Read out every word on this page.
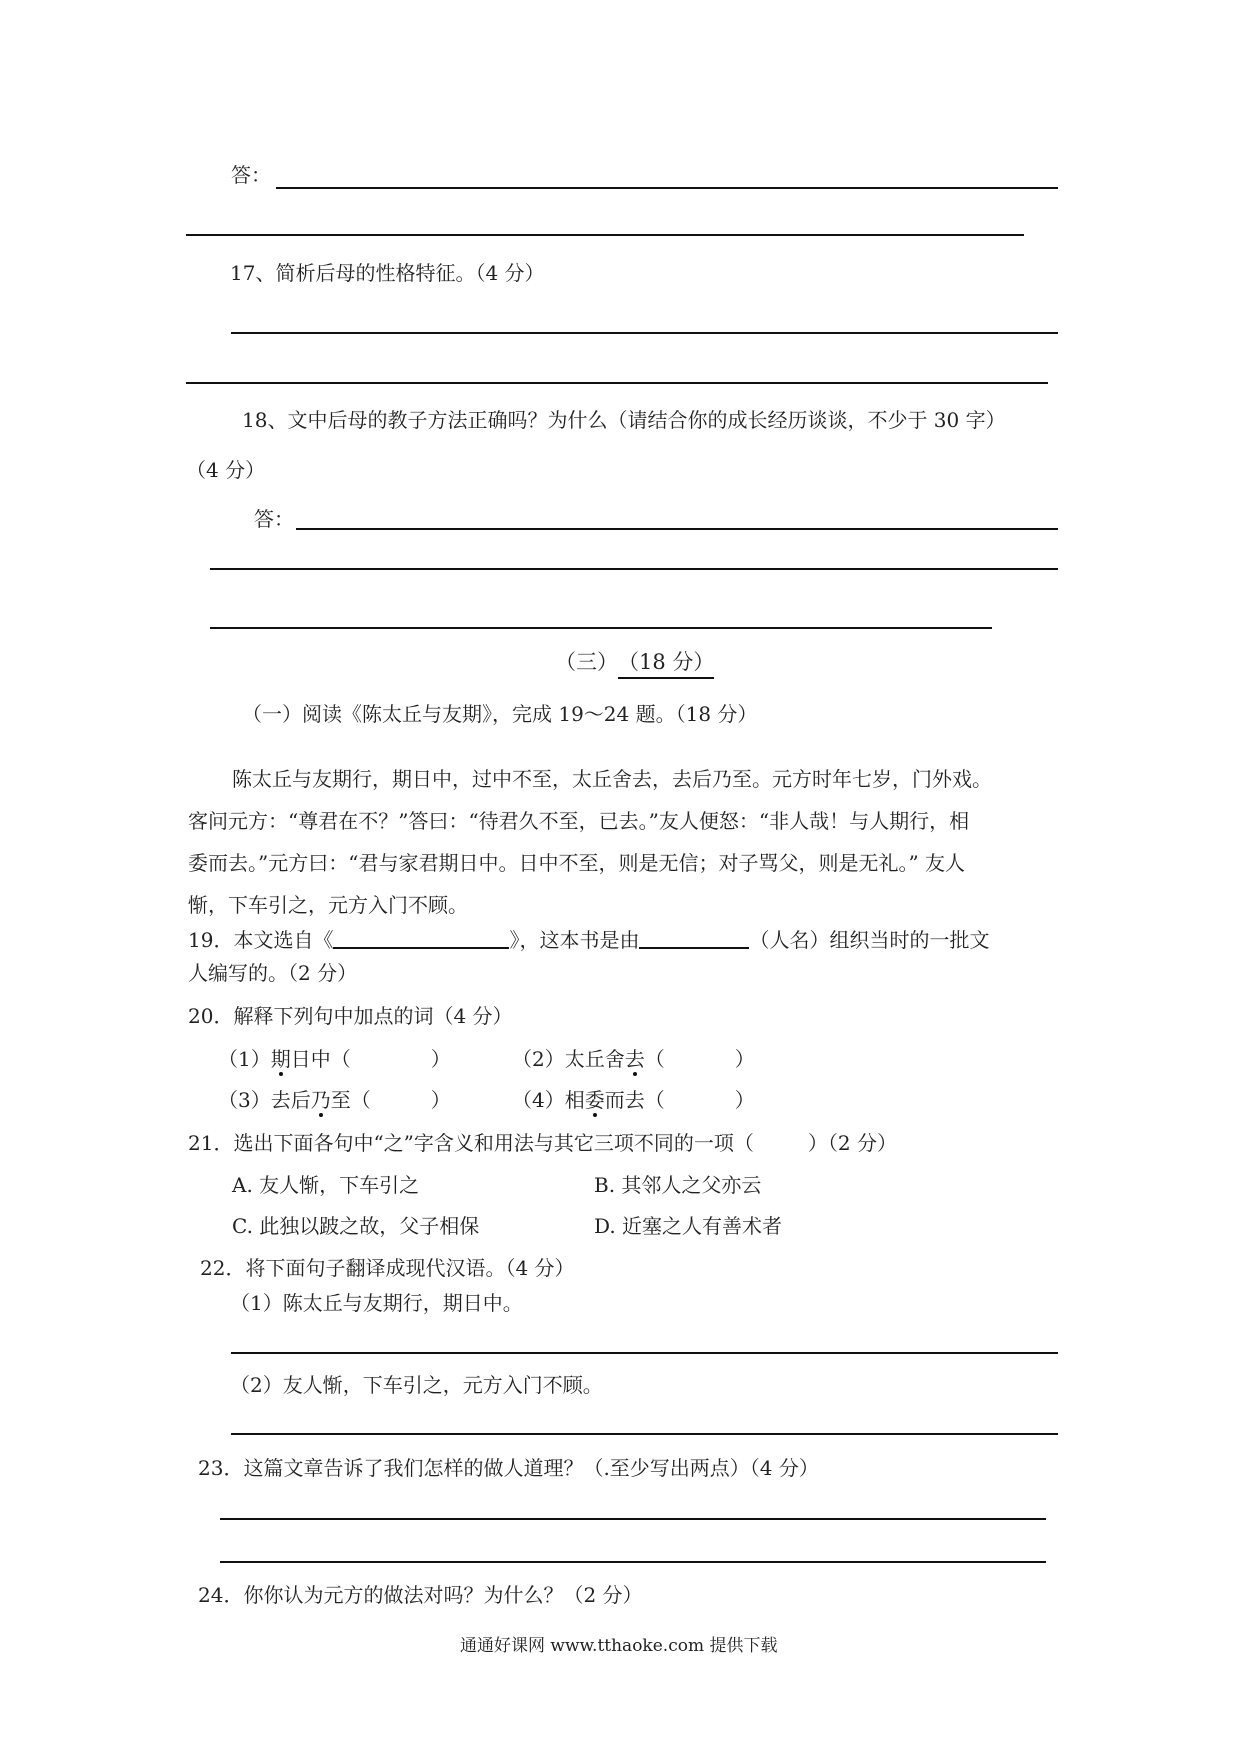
答：
17、简析后母的性格特征。（4 分）
18、文中后母的教子方法正确吗？为什么（请结合你的成长经历谈谈，不少于 30 字）
（4 分）
答：
（三）（18 分）
（一）阅读《陈太丘与友期》，完成 19～24 题。（18 分）
陈太丘与友期行，期日中，过中不至，太丘舍去，去后乃至。元方时年七岁，门外戏。
客问元方：“尊君在不？”答曰：“待君久不至，已去。”友人便怒：“非人哉！与人期行，相
委而去。”元方曰：“君与家君期日中。日中不至，则是无信；对子骂父，则是无礼。” 友人
惭，下车引之，元方入门不顾。
19．本文选自《	》，这本书是由	（人名）组织当时的一批文
人编写的。（2 分）
20．解释下列句中加点的词（4 分）
（1）期日中（	）	（2）太丘舍去（	）
（3）去后乃至（	）	（4）相委而去（	）
21．选出下面各句中“之”字含义和用法与其它三项不同的一项（	）（2 分）
A. 友人惭，下车引之	B. 其邻人之父亦云
C. 此独以跛之故，父子相保	D. 近塞之人有善术者
22．将下面句子翻译成现代汉语。（4 分）
（1）陈太丘与友期行，期日中。
（2）友人惭，下车引之，元方入门不顾。
23．这篇文章告诉了我们怎样的做人道理？（.至少写出两点）（4 分）
24．你你认为元方的做法对吗？为什么？（2 分）
通通好课网 www.tthaoke.com 提供下载
